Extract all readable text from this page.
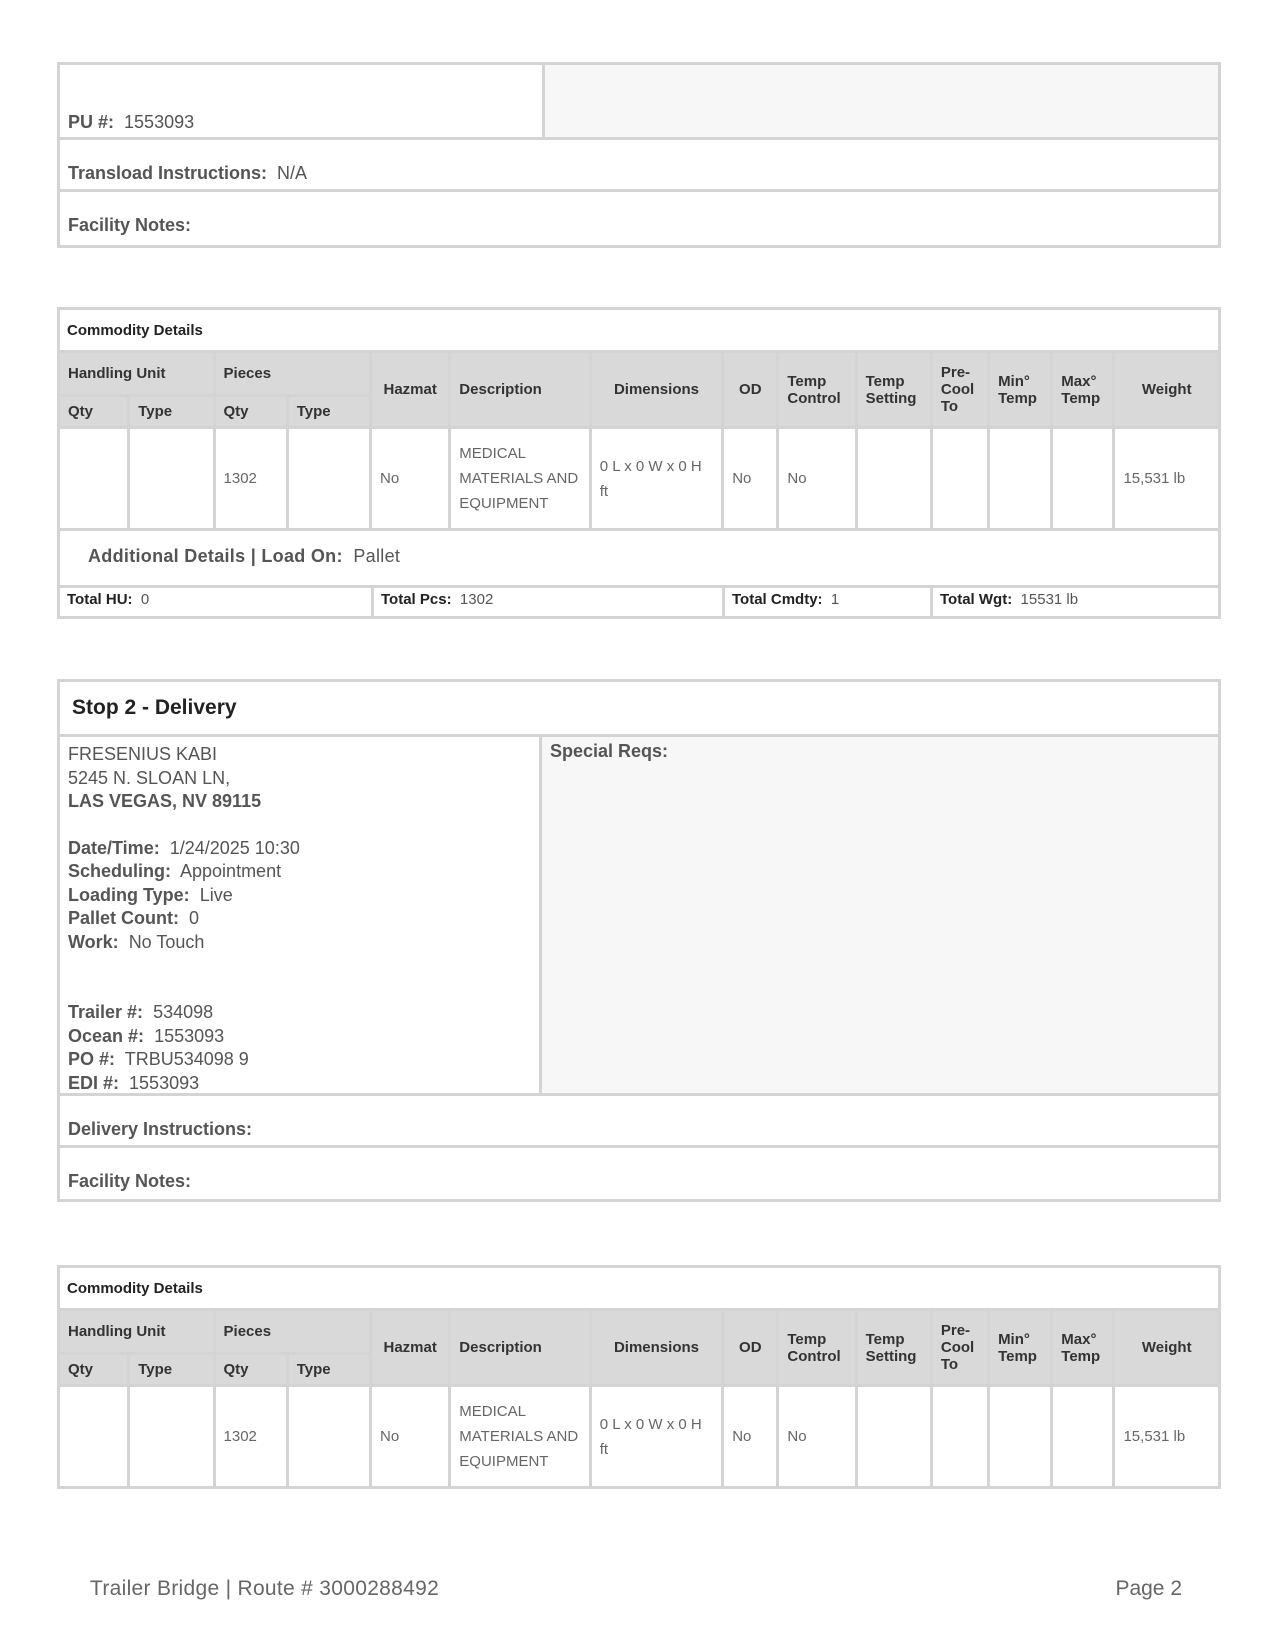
PU #: 1553093
Transload Instructions: N/A
Facility Notes:
Commodity Details													
Handling Unit		Pieces		Hazmat	Description	Dimensions	OD	Temp Control	Temp Setting	Pre-Cool To	Min° Temp	Max° Temp	Weight
Qty	Type	Qty	Type										
		1302		No	MEDICAL MATERIALS AND EQUIPMENT	0 L x 0 W x 0 H ft	No	No					15,531 lb
Additional Details | Load On: Pallet
Total HU: 0	Total Pcs: 1302	Total Cmdty: 1	Total Wgt: 15531 lb
Stop 2 - Delivery
FRESENIUS KABI
5245 N. SLOAN LN,
LAS VEGAS, NV 89115
Date/Time: 1/24/2025 10:30
Scheduling: Appointment
Loading Type: Live
Pallet Count: 0
Work: No Touch
Trailer #: 534098
Ocean #: 1553093
PO #: TRBU534098 9
EDI #: 1553093
Special Reqs:
Delivery Instructions:
Facility Notes:
Commodity Details													
Handling Unit		Pieces		Hazmat	Description	Dimensions	OD	Temp Control	Temp Setting	Pre-Cool To	Min° Temp	Max° Temp	Weight
Qty	Type	Qty	Type										
		1302		No	MEDICAL MATERIALS AND EQUIPMENT	0 L x 0 W x 0 H ft	No	No					15,531 lb
Trailer Bridge | Route # 3000288492	Page 2
